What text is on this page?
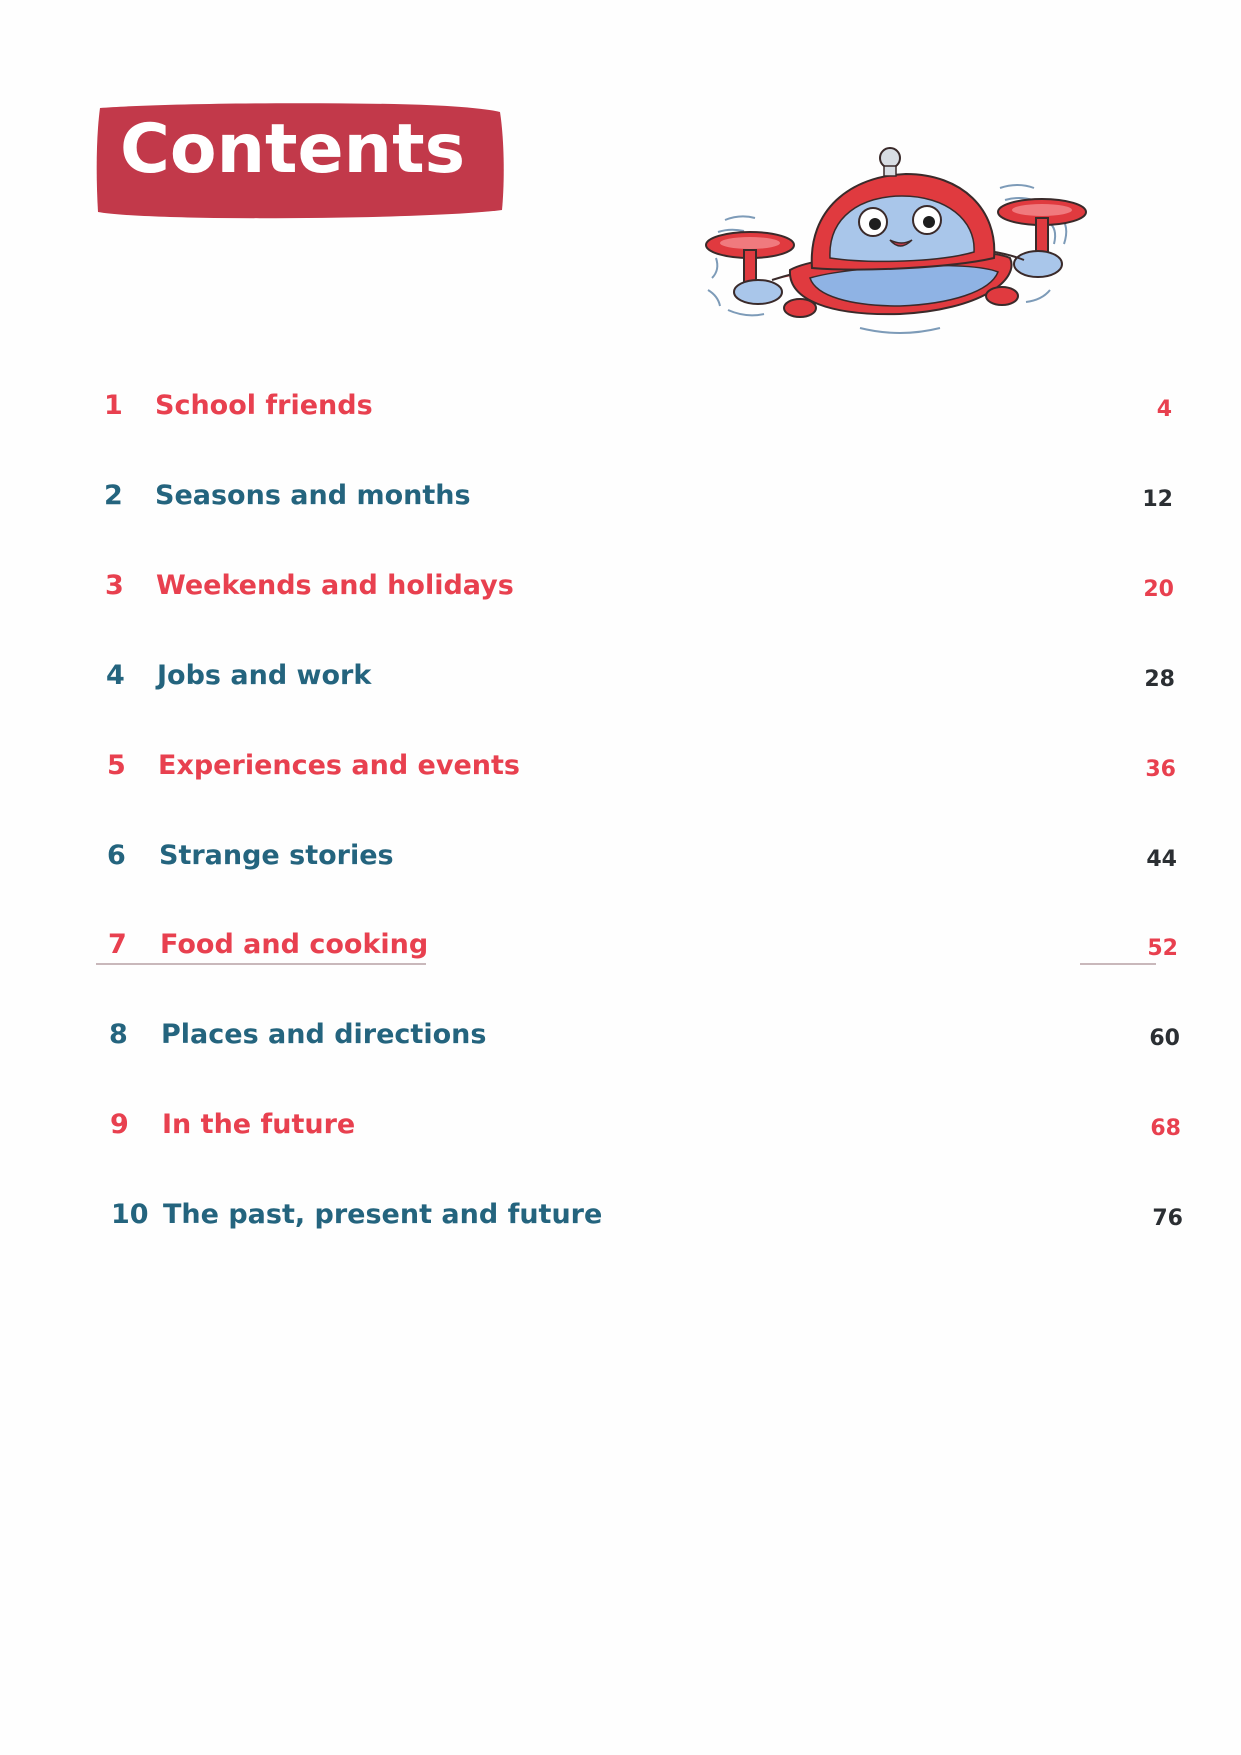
Contents
1 School friends	4
2 Seasons and months	12
3 Weekends and holidays	20
4 Jobs and work	28
5 Experiences and events	36
6 Strange stories	44
7 Food and cooking	52
8 Places and directions	60
9 In the future	68
10 The past, present and future	76
